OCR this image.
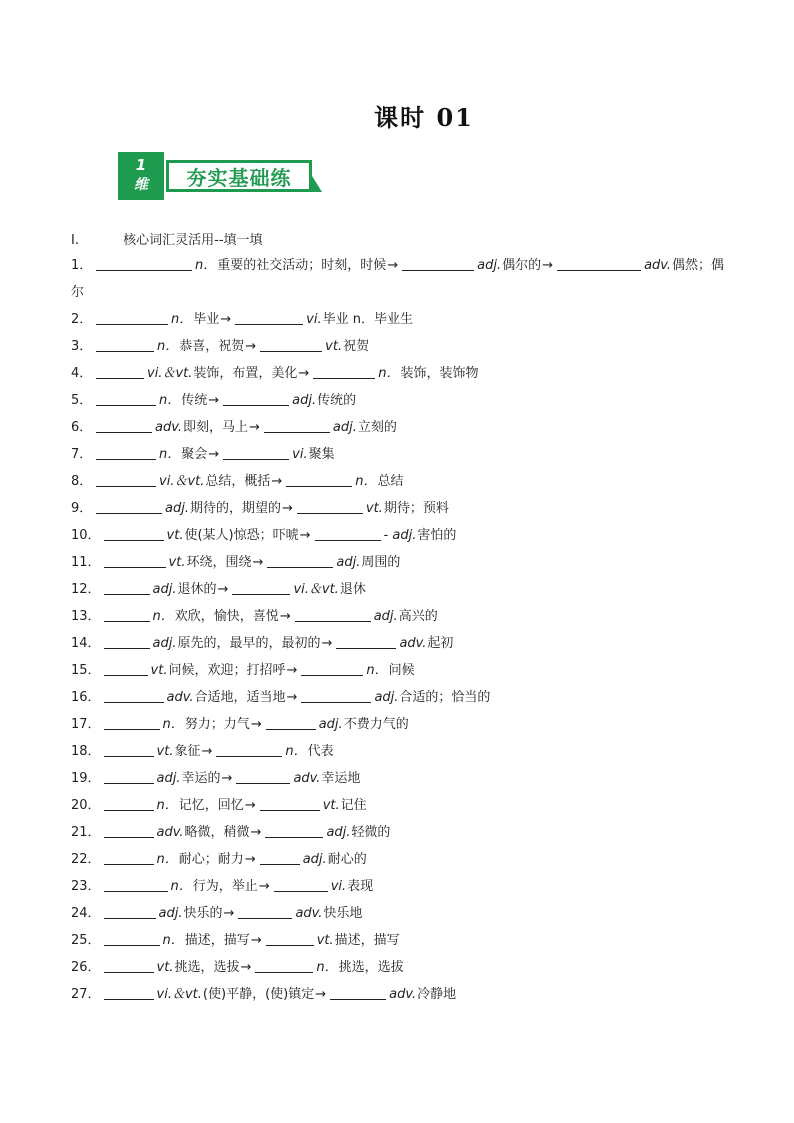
课时 01
1
维	夯实基础练
I.	核心词汇灵活用--填一填
1．	n．重要的社交活动；时刻，时候→	adj.偶尔的→	adv.偶然；偶尔
2．	n．毕业→	vi.毕业 n．毕业生
3．	n．恭喜，祝贺→	vt.祝贺
4．	vi.＆vt.装饰，布置，美化→	n．装饰，装饰物
5．	n．传统→	adj.传统的
6．	adv.即刻，马上→	adj.立刻的
7．	n．聚会→	vi.聚集
8．	vi.＆vt.总结，概括→	n．总结
9．	adj.期待的，期望的→	vt.期待；预料
10．	vt.使(某人)惊恐；吓唬→	- adj.害怕的
11．	vt.环绕，围绕→	adj.周围的
12．	adj.退休的→	vi.＆vt.退休
13．	n．欢欣，愉快，喜悦→	adj.高兴的
14．	adj.原先的，最早的，最初的→	adv.起初
15．	vt.问候，欢迎；打招呼→	n．问候
16．	adv.合适地，适当地→	adj.合适的；恰当的
17．	n．努力；力气→	adj.不费力气的
18．	vt.象征→	n．代表
19．	adj.幸运的→	adv.幸运地
20．	n．记忆，回忆→	vt.记住
21．	adv.略微，稍微→	adj.轻微的
22．	n．耐心；耐力→	adj.耐心的
23．	n．行为，举止→	vi.表现
24．	adj.快乐的→	adv.快乐地
25．	n．描述，描写→	vt.描述，描写
26．	vt.挑选，选拔→	n．挑选，选拔
27．	vi.＆vt.(使)平静，(使)镇定→	adv.冷静地
